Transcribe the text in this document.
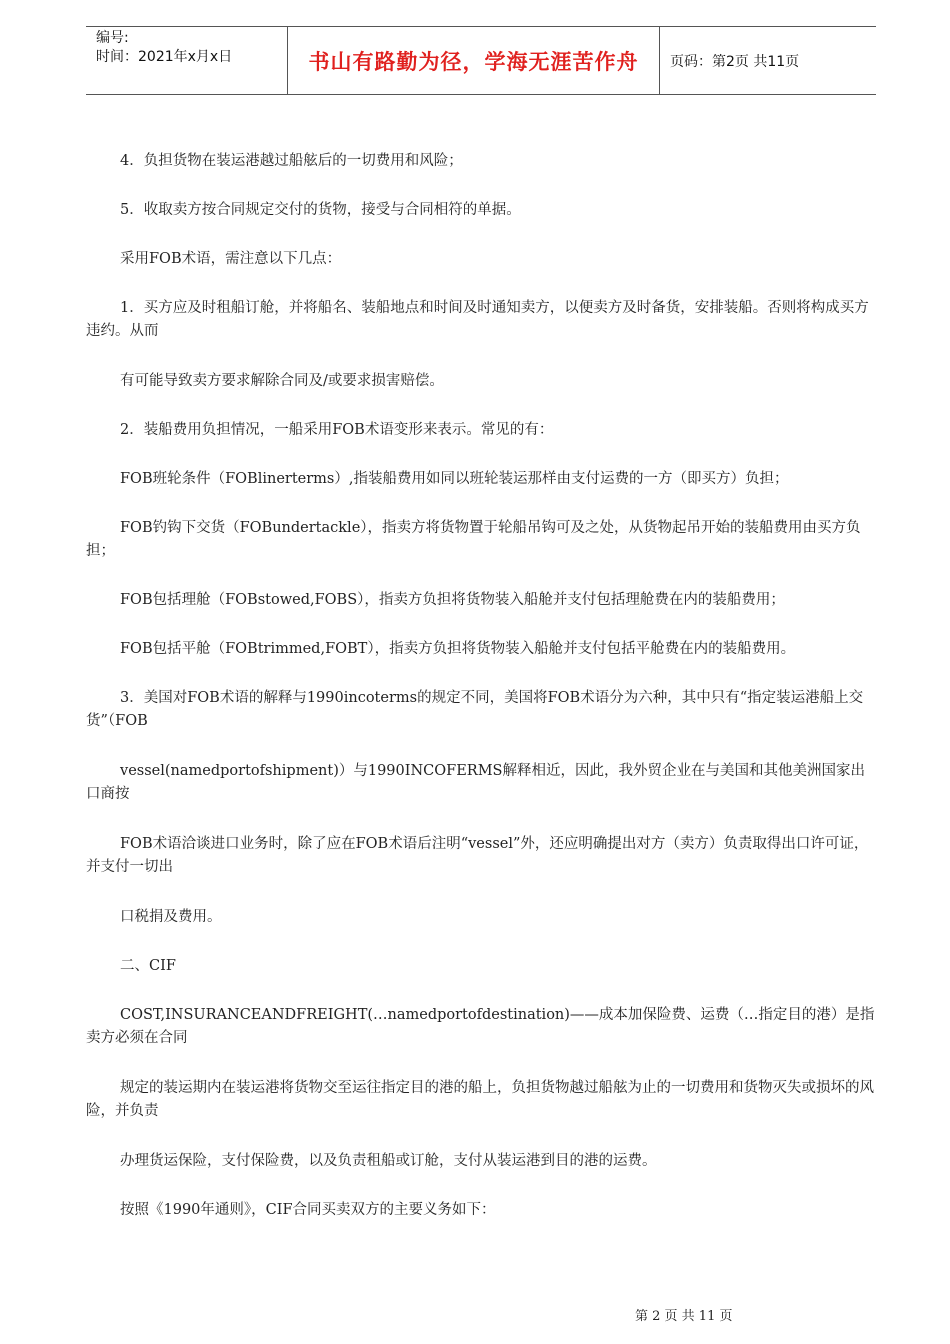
编号:
时间：2021年x月x日	书山有路勤为径，学海无涯苦作舟	页码：第2页 共11页

4．负担货物在装运港越过船舷后的一切费用和风险；

5．收取卖方按合同规定交付的货物，接受与合同相符的单据。

采用FOB术语，需注意以下几点：

1．买方应及时租船订舱，并将船名、装船地点和时间及时通知卖方，以便卖方及时备货，安排装船。否则将构成买方违约。从而

有可能导致卖方要求解除合同及/或要求损害赔偿。

2．装船费用负担情况，一船采用FOB术语变形来表示。常见的有：

FOB班轮条件（FOBlinerterms）,指装船费用如同以班轮装运那样由支付运费的一方（即买方）负担；

FOB钓钩下交货（FOBundertackle），指卖方将货物置于轮船吊钩可及之处，从货物起吊开始的装船费用由买方负担；

FOB包括理舱（FOBstowed,FOBS），指卖方负担将货物装入船舱并支付包括理舱费在内的装船费用；

FOB包括平舱（FOBtrimmed,FOBT），指卖方负担将货物装入船舱并支付包括平舱费在内的装船费用。

3．美国对FOB术语的解释与1990incoterms的规定不同，美国将FOB术语分为六种，其中只有“指定装运港船上交货”（FOB

vessel(namedportofshipment)）与1990INCOFERMS解释相近，因此，我外贸企业在与美国和其他美洲国家出口商按

FOB术语洽谈进口业务时，除了应在FOB术语后注明“vessel”外，还应明确提出对方（卖方）负责取得出口许可证，并支付一切出

口税捐及费用。

二、CIF

COST,INSURANCEANDFREIGHT(…namedportofdestination)——成本加保险费、运费（…指定目的港）是指卖方必须在合同

规定的装运期内在装运港将货物交至运往指定目的港的船上，负担货物越过船舷为止的一切费用和货物灭失或损坏的风险，并负责

办理货运保险，支付保险费，以及负责租船或订舱，支付从装运港到目的港的运费。

按照《1990年通则》，CIF合同买卖双方的主要义务如下：

第 2 页 共 11 页
